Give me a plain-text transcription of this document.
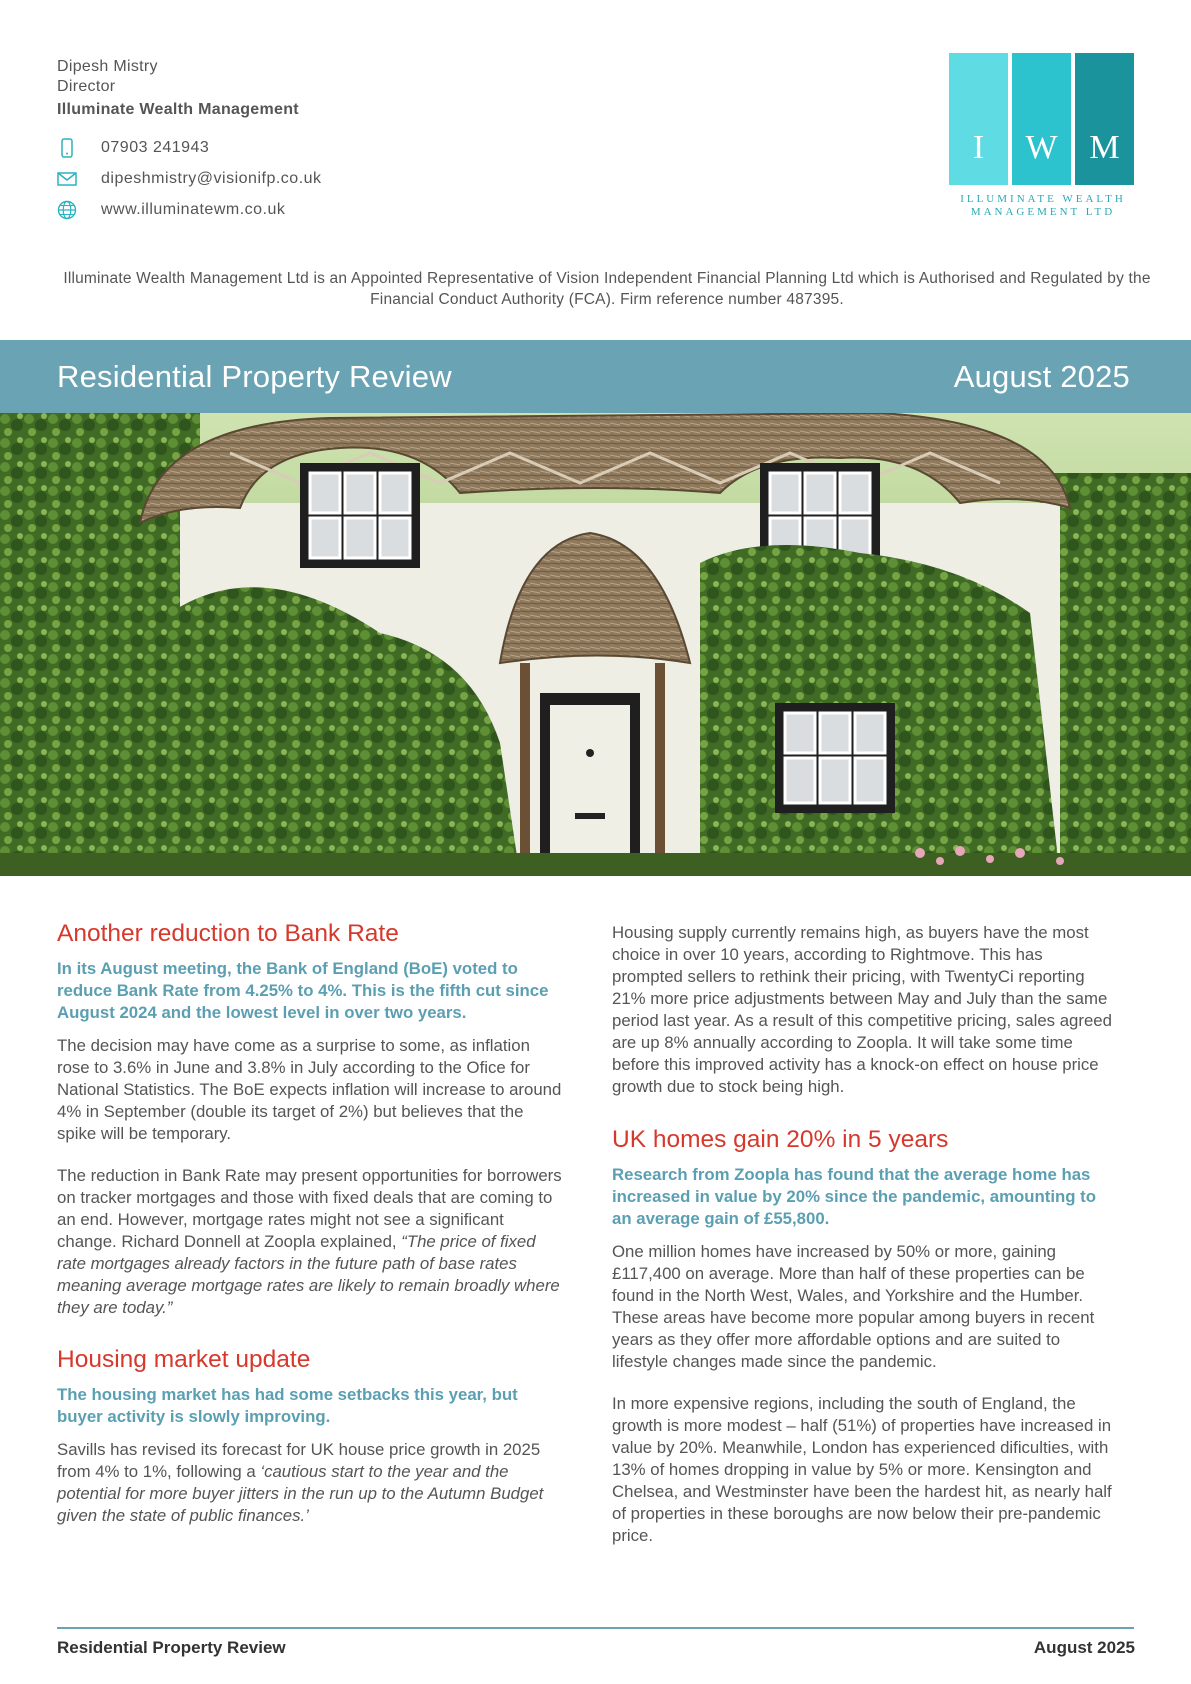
Dipesh Mistry
Director
Illuminate Wealth Management
07903 241943
dipeshmistry@visionifp.co.uk
www.illuminatewm.co.uk
I	W M
ILLUMINATE WEALTH
MANAGEMENT LTD
Illuminate Wealth Management Ltd is an Appointed Representative of Vision Independent Financial Planning Ltd which is Authorised and Regulated by the Financial Conduct Authority (FCA). Firm reference number 487395.
Residential Property Review	August 2025
Another reduction to Bank Rate
In its August meeting, the Bank of England (BoE) voted to reduce Bank Rate from 4.25% to 4%. This is the fifth cut since August 2024 and the lowest level in over two years.

The decision may have come as a surprise to some, as inflation rose to 3.6% in June and 3.8% in July according to the Ofice for National Statistics. The BoE expects inflation will increase to around 4% in September (double its target of 2%) but believes that the spike will be temporary.

The reduction in Bank Rate may present opportunities for borrowers on tracker mortgages and those with fixed deals that are coming to an end. However, mortgage rates might not see a significant change. Richard Donnell at Zoopla explained, “The price of fixed rate mortgages already factors in the future path of base rates meaning average mortgage rates are likely to remain broadly where they are today.”

Housing market update
The housing market has had some setbacks this year, but buyer activity is slowly improving.

Savills has revised its forecast for UK house price growth in 2025 from 4% to 1%, following a ‘cautious start to the year and the potential for more buyer jitters in the run up to the Autumn Budget given the state of public finances.’

Housing supply currently remains high, as buyers have the most choice in over 10 years, according to Rightmove. This has prompted sellers to rethink their pricing, with TwentyCi reporting 21% more price adjustments between May and July than the same period last year. As a result of this competitive pricing, sales agreed are up 8% annually according to Zoopla. It will take some time before this improved activity has a knock-on effect on house price growth due to stock being high.

UK homes gain 20% in 5 years
Research from Zoopla has found that the average home has increased in value by 20% since the pandemic, amounting to an average gain of £55,800.

One million homes have increased by 50% or more, gaining £117,400 on average. More than half of these properties can be found in the North West, Wales, and Yorkshire and the Humber. These areas have become more popular among buyers in recent years as they offer more affordable options and are suited to lifestyle changes made since the pandemic.

In more expensive regions, including the south of England, the growth is more modest – half (51%) of properties have increased in value by 20%. Meanwhile, London has experienced dificulties, with 13% of homes dropping in value by 5% or more. Kensington and Chelsea, and Westminster have been the hardest hit, as nearly half of properties in these boroughs are now below their pre-pandemic price.

Residential Property Review	August 2025
